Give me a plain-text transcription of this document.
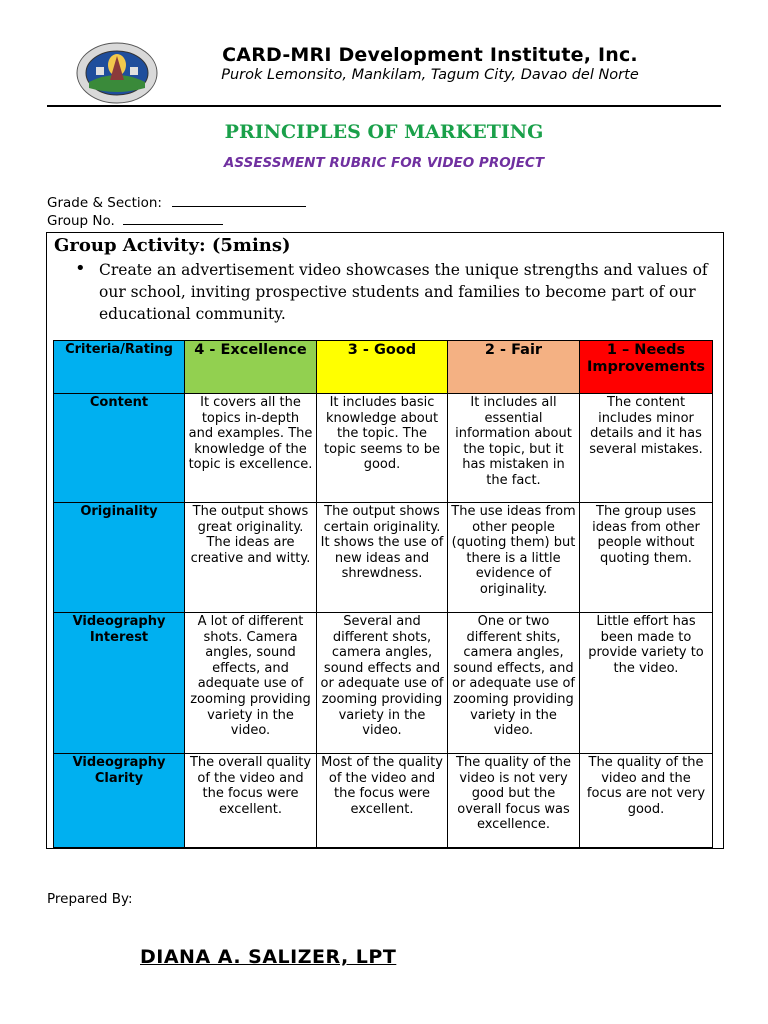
CARD-MRI Development Institute, Inc.
Purok Lemonsito, Mankilam, Tagum City, Davao del Norte
PRINCIPLES OF MARKETING
ASSESSMENT RUBRIC FOR VIDEO PROJECT
Grade & Section:
Group No.
Group Activity: (5mins)
• Create an advertisement video showcases the unique strengths and values of our school, inviting prospective students and families to become part of our educational community.
Criteria/Rating	4 - Excellence	3 - Good	2 - Fair	1 – Needs Improvements
Content	It covers all the topics in-depth and examples. The knowledge of the topic is excellence.	It includes basic knowledge about the topic. The topic seems to be good.	It includes all essential information about the topic, but it has mistaken in the fact.	The content includes minor details and it has several mistakes.
Originality	The output shows great originality. The ideas are creative and witty.	The output shows certain originality. It shows the use of new ideas and shrewdness.	The use ideas from other people (quoting them) but there is a little evidence of originality.	The group uses ideas from other people without quoting them.
Videography Interest	A lot of different shots. Camera angles, sound effects, and adequate use of zooming providing variety in the video.	Several and different shots, camera angles, sound effects and or adequate use of zooming providing variety in the video.	One or two different shits, camera angles, sound effects, and or adequate use of zooming providing variety in the video.	Little effort has been made to provide variety to the video.
Videography Clarity	The overall quality of the video and the focus were excellent.	Most of the quality of the video and the focus were excellent.	The quality of the video is not very good but the overall focus was excellence.	The quality of the video and the focus are not very good.
Prepared By:
DIANA A. SALIZER, LPT
